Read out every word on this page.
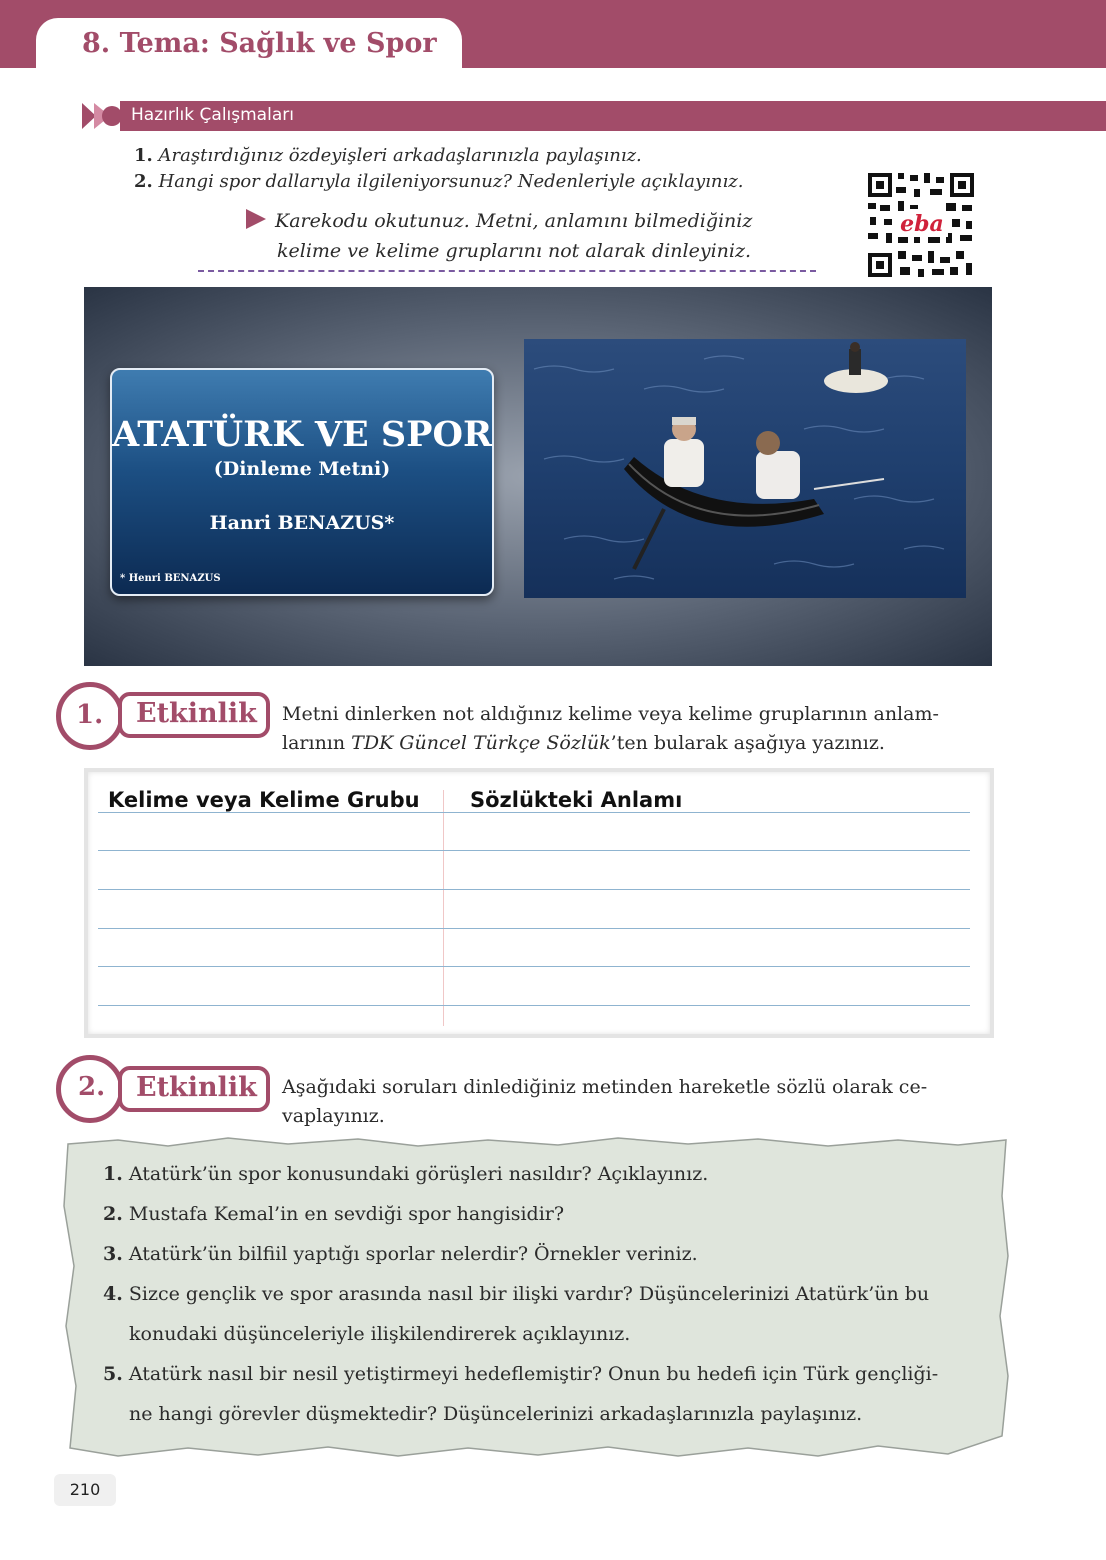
8. Tema: Sağlık ve Spor
Hazırlık Çalışmaları
1. Araştırdığınız özdeyişleri arkadaşlarınızla paylaşınız.
2. Hangi spor dallarıyla ilgileniyorsunuz? Nedenleriyle açıklayınız.
Karekodu okutunuz. Metni, anlamını bilmediğiniz
kelime ve kelime gruplarını not alarak dinleyiniz.
eba
ATATÜRK VE SPOR
(Dinleme Metni)
Hanri BENAZUS*
* Henri BENAZUS
1. Etkinlik Metni dinlerken not aldığınız kelime veya kelime gruplarının anlam-
larının TDK Güncel Türkçe Sözlük’ten bularak aşağıya yazınız.
Kelime veya Kelime Grubu Sözlükteki Anlamı
2. Etkinlik Aşağıdaki soruları dinlediğiniz metinden hareketle sözlü olarak ce-
vaplayınız.
1. Atatürk’ün spor konusundaki görüşleri nasıldır? Açıklayınız.
2. Mustafa Kemal’in en sevdiği spor hangisidir?
3. Atatürk’ün bilfiil yaptığı sporlar nelerdir? Örnekler veriniz.
4. Sizce gençlik ve spor arasında nasıl bir ilişki vardır? Düşüncelerinizi Atatürk’ün bu
konudaki düşünceleriyle ilişkilendirerek açıklayınız.
5. Atatürk nasıl bir nesil yetiştirmeyi hedeflemiştir? Onun bu hedefi için Türk gençliği-
ne hangi görevler düşmektedir? Düşüncelerinizi arkadaşlarınızla paylaşınız.
210
